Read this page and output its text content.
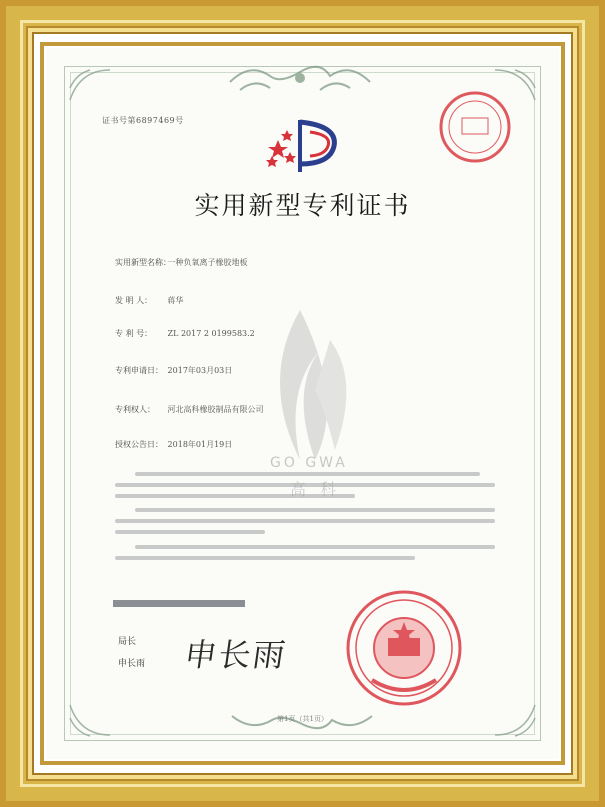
证书号第6897469号
实用新型专利证书
实用新型名称： 一种负氧离子橡胶地板
发 明 人： 蒋华
专 利 号： ZL 2017 2 0199583.2
专利申请日： 2017年03月03日
专利权人： 河北高科橡胶制品有限公司
授权公告日： 2018年01月19日
GO GWA
高科
局长
申长雨 申长雨
第1页（共1页）
